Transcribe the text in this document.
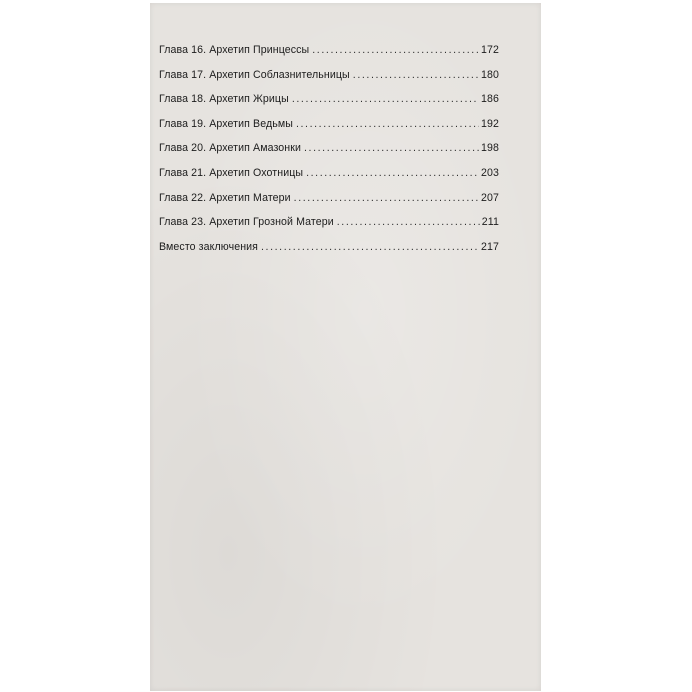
Глава 16. Архетип Принцессы .....	172
Глава 17. Архетип Соблазнительницы .....	180
Глава 18. Архетип Жрицы .....	186
Глава 19. Архетип Ведьмы .....	192
Глава 20. Архетип Амазонки .....	198
Глава 21. Архетип Охотницы .....	203
Глава 22. Архетип Матери .....	207
Глава 23. Архетип Грозной Матери .....	211
Вместо заключения .....	217
